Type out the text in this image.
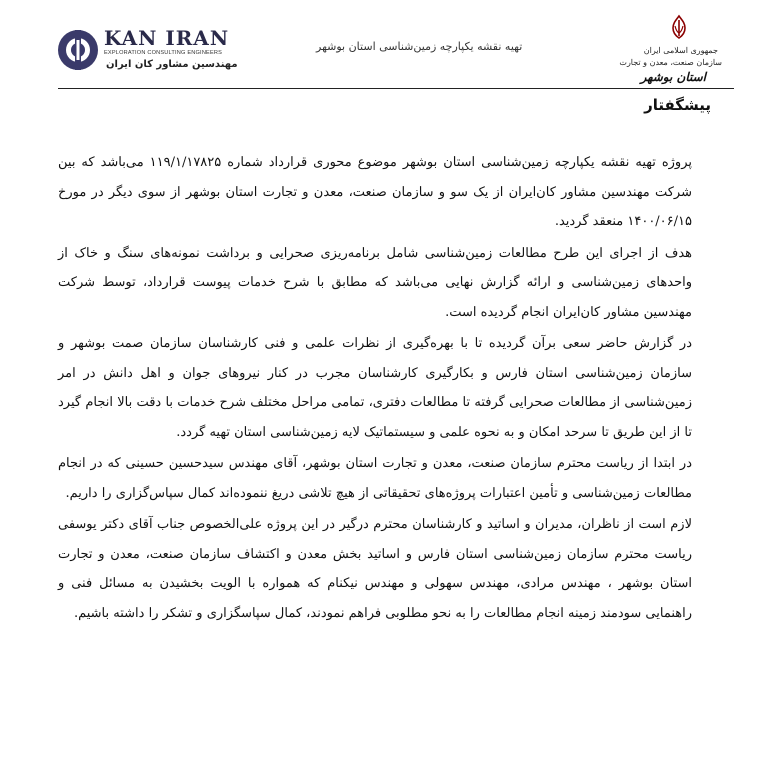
KAN IRAN
EXPLORATION CONSULTING ENGINEERS
مهندسین مشاور کان ایران
تهیه نقشه یکپارچه زمین‌شناسی استان بوشهر	جمهوری اسلامی ایران
سازمان صنعت، معدن و تجارت
استان بوشهر
پیشگفتار

پروژه تهیه نقشه یکپارچه زمین‌شناسی استان بوشهر موضوع محوری قرارداد شماره ۱۱۹/۱/۱۷۸۲۵ می‌باشد که بین شرکت مهندسین مشاور کان‌ایران از یک سو و سازمان صنعت، معدن و تجارت استان بوشهر از سوی دیگر در مورخ ۱۴۰۰/۰۶/۱۵ منعقد گردید.

هدف از اجرای این طرح مطالعات زمین‌شناسی شامل برنامه‌ریزی صحرایی و برداشت نمونه‌های سنگ و خاک از واحدهای زمین‌شناسی و ارائه گزارش نهایی می‌باشد که مطابق با شرح خدمات پیوست قرارداد، توسط شرکت مهندسین مشاور کان‌ایران انجام گردیده است.

در گزارش حاضر سعی برآن گردیده تا با بهره‌گیری از نظرات علمی و فنی کارشناسان سازمان صمت بوشهر و سازمان زمین‌شناسی استان فارس و بکارگیری کارشناسان مجرب در کنار نیروهای جوان و اهل دانش در امر زمین‌شناسی از مطالعات صحرایی گرفته تا مطالعات دفتری، تمامی مراحل مختلف شرح خدمات با دقت بالا انجام گیرد تا از این طریق تا سرحد امکان و به نحوه علمی و سیستماتیک لایه زمین‌شناسی استان تهیه گردد.

در ابتدا از ریاست محترم سازمان صنعت، معدن و تجارت استان بوشهر، آقای مهندس سیدحسین حسینی که در انجام مطالعات زمین‌شناسی و تأمین اعتبارات پروژه‌های تحقیقاتی از هیچ تلاشی دریغ ننموده‌اند کمال سپاس‌گزاری را داریم.

لازم است از ناظران، مدیران و اساتید و کارشناسان محترم درگیر در این پروژه علی‌الخصوص جناب آقای دکتر یوسفی ریاست محترم سازمان زمین‌شناسی استان فارس و اساتید بخش معدن و اکتشاف سازمان صنعت، معدن و تجارت استان بوشهر ، مهندس مرادی، مهندس سهولی و مهندس نیکنام که همواره با الویت بخشیدن به مسائل فنی و راهنمایی سودمند زمینه انجام مطالعات را به نحو مطلوبی فراهم نمودند، کمال سپاسگزاری و تشکر را داشته باشیم.
